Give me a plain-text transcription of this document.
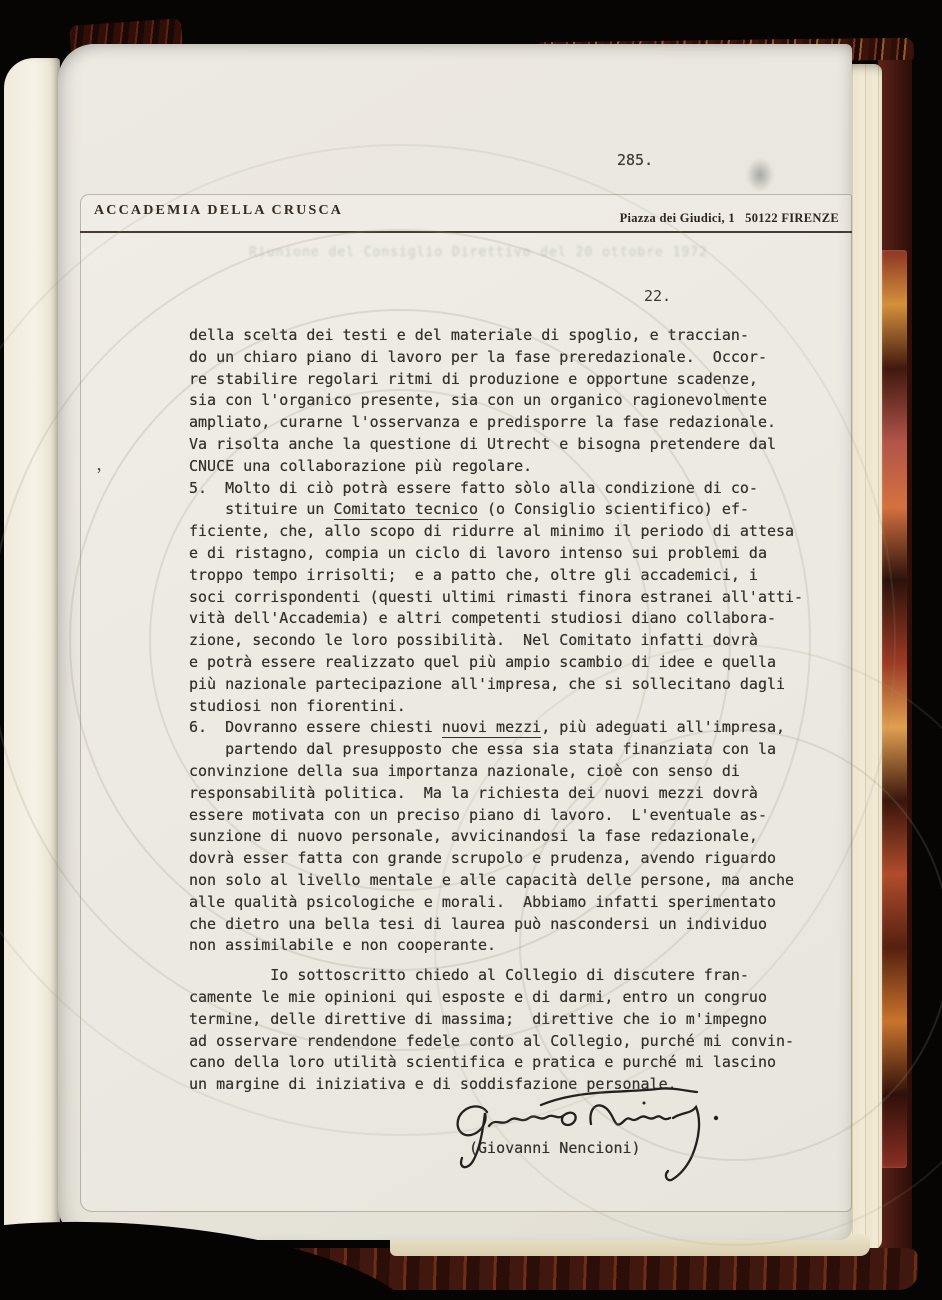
285.
ACCADEMIA DELLA CRUSCA	Piazza dei Giudici, 1   50122 FIRENZE
Riunione del Consiglio Direttivo del 20 ottobre 1972
22.
,
della scelta dei testi e del materiale di spoglio, e traccian-
do un chiaro piano di lavoro per la fase preredazionale.  Occor-
re stabilire regolari ritmi di produzione e opportune scadenze,
sia con l'organico presente, sia con un organico ragionevolmente
ampliato, curarne l'osservanza e predisporre la fase redazionale.
Va risolta anche la questione di Utrecht e bisogna pretendere dal
CNUCE una collaborazione più regolare.
5.  Molto di ciò potrà essere fatto sòlo alla condizione di co-
stituire un Comitato tecnico (o Consiglio scientifico) ef-
ficiente, che, allo scopo di ridurre al minimo il periodo di attesa
e di ristagno, compia un ciclo di lavoro intenso sui problemi da
troppo tempo irrisolti;  e a patto che, oltre gli accademici, i
soci corrispondenti (questi ultimi rimasti finora estranei all'atti-
vità dell'Accademia) e altri competenti studiosi diano collabora-
zione, secondo le loro possibilità.  Nel Comitato infatti dovrà
e potrà essere realizzato quel più ampio scambio di idee e quella
più nazionale partecipazione all'impresa, che si sollecitano dagli
studiosi non fiorentini.
6.  Dovranno essere chiesti nuovi mezzi, più adeguati all'impresa,
partendo dal presupposto che essa sia stata finanziata con la
convinzione della sua importanza nazionale, cioè con senso di
responsabilità politica.  Ma la richiesta dei nuovi mezzi dovrà
essere motivata con un preciso piano di lavoro.  L'eventuale as-
sunzione di nuovo personale, avvicinandosi la fase redazionale,
dovrà esser fatta con grande scrupolo e prudenza, avendo riguardo
non solo al livello mentale e alle capacità delle persone, ma anche
alle qualità psicologiche e morali.  Abbiamo infatti sperimentato
che dietro una bella tesi di laurea può nascondersi un individuo
non assimilabile e non cooperante.
Io sottoscritto chiedo al Collegio di discutere fran-
camente le mie opinioni qui esposte e di darmi, entro un congruo
termine, delle direttive di massima;  direttive che io m'impegno
ad osservare rendendone fedele conto al Collegio, purché mi convin-
cano della loro utilità scientifica e pratica e purché mi lascino
un margine di iniziativa e di soddisfazione personale.
(Giovanni Nencioni)
